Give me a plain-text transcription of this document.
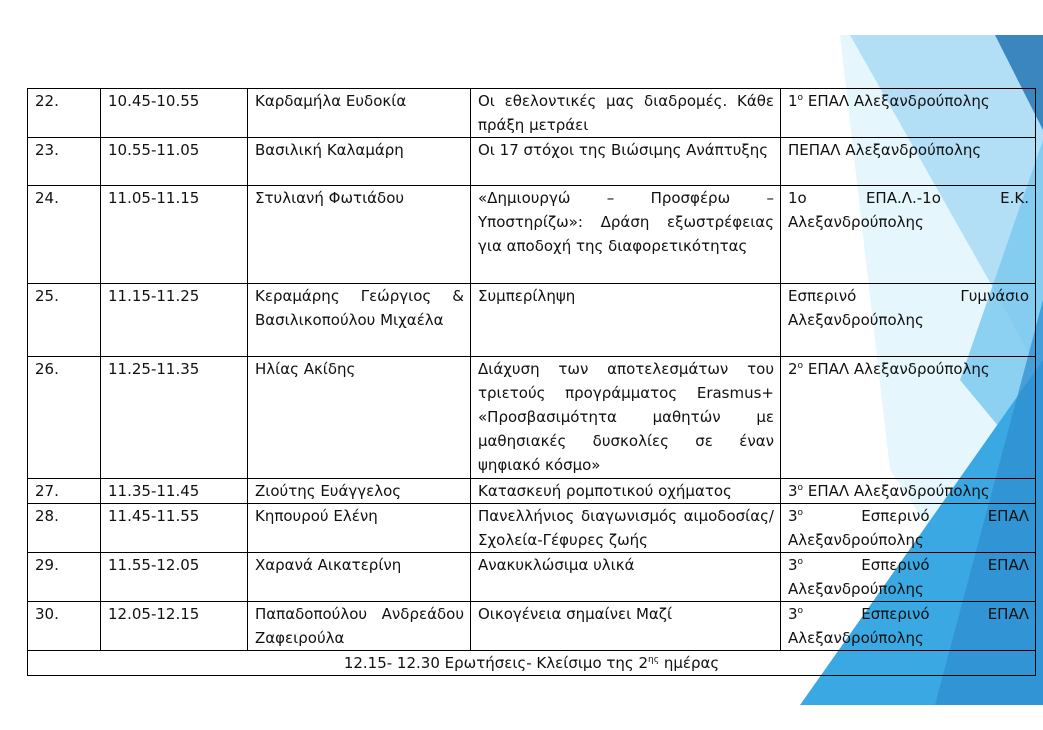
22.	10.45-10.55	Καρδαμήλα Ευδοκία	Οι εθελοντικές μας διαδρομές. Κάθε πράξη μετράει	$1^o$ ΕΠΑΛ Αλεξανδρούπολης
23.	10.55-11.05	Βασιλική Καλαμάρη	Οι 17 στόχοι της Βιώσιμης Ανάπτυξης	ΠΕΠΑΛ Αλεξανδρούπολης
24.	11.05-11.15	Στυλιανή Φωτιάδου	«Δημιουργώ – Προσφέρω – Υποστηρίζω»: Δράση εξωστρέφειας για αποδοχή της διαφορετικότητας	1ο ΕΠΑ.Λ.-1ο Ε.Κ. Αλεξανδρούπολης
25.	11.15-11.25	Κεραμάρης Γεώργιος & Βασιλικοπούλου Μιχαέλα	Συμπερίληψη	Εσπερινό Γυμνάσιο Αλεξανδρούπολης
26.	11.25-11.35	Ηλίας Ακίδης	Διάχυση των αποτελεσμάτων του τριετούς προγράμματος Erasmus+ «Προσβασιμότητα μαθητών με μαθησιακές δυσκολίες σε έναν ψηφιακό κόσμο»	$2^o$ ΕΠΑΛ Αλεξανδρούπολης
27.	11.35-11.45	Ζιούτης Ευάγγελος	Κατασκευή ρομποτικού οχήματος	$3^o$ ΕΠΑΛ Αλεξανδρούπολης
28.	11.45-11.55	Κηπουρού Ελένη	Πανελλήνιος διαγωνισμός αιμοδοσίας/Σχολεία-Γέφυρες ζωής	$3^o$ Εσπερινό ΕΠΑΛ Αλεξανδρούπολης
29.	11.55-12.05	Χαρανά Αικατερίνη	Ανακυκλώσιμα υλικά	$3^o$ Εσπερινό ΕΠΑΛ Αλεξανδρούπολης
30.	12.05-12.15	Παπαδοπούλου Ανδρεάδου Ζαφειρούλα	Οικογένεια σημαίνει Μαζί	$3^o$ Εσπερινό ΕΠΑΛ Αλεξανδρούπολης
12.15- 12.30 Ερωτήσεις- Κλείσιμο της $2^{\eta\varsigma}$ ημέρας				
